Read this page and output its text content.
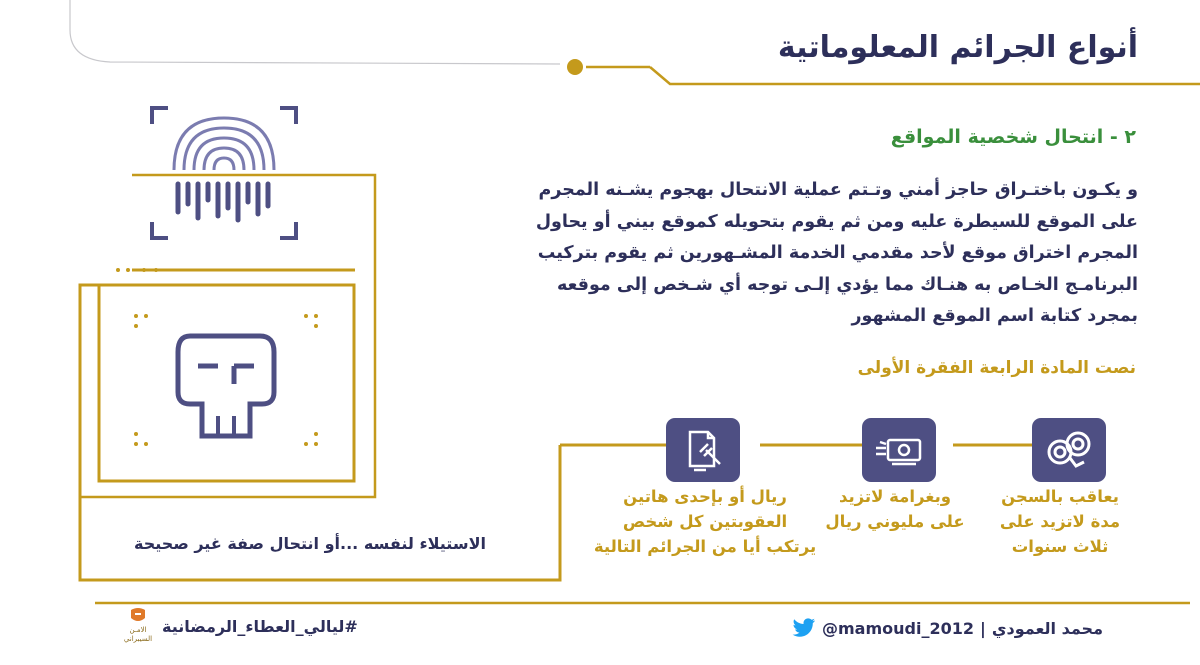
أنواع الجرائم المعلوماتية
٢ - انتحال شخصية المواقع
و يكـون باختـراق حاجز أمني وتـتم عملية الانتحال بهجوم يشـنه المجرم
على الموقع للسيطرة عليه ومن ثم يقوم بتحويله كموقع بيني أو يحاول
المجرم اختراق موقع لأحد مقدمي الخدمة المشـهورين ثم يقوم بتركيب
البرنامـج الخـاص به هنـاك مما يؤدي إلـى توجه أي شـخص إلى موقعه
بمجرد كتابة اسم الموقع المشهور
نصت المادة الرابعة الفقرة الأولى
يعاقب بالسجن
مدة لاتزيد على
ثلاث سنوات
وبغرامة لاتزيد
على مليوني ريال
ريال أو بإحدى هاتين
العقوبتين كل شخص
يرتكب أيا من الجرائم التالية
الاستيلاء لنفسه ...أو انتحال صفة غير صحيحة
الامـن
السيبراني
#ليالي_العطاء_الرمضانية	@mamoudi_2012 | محمد العمودي
